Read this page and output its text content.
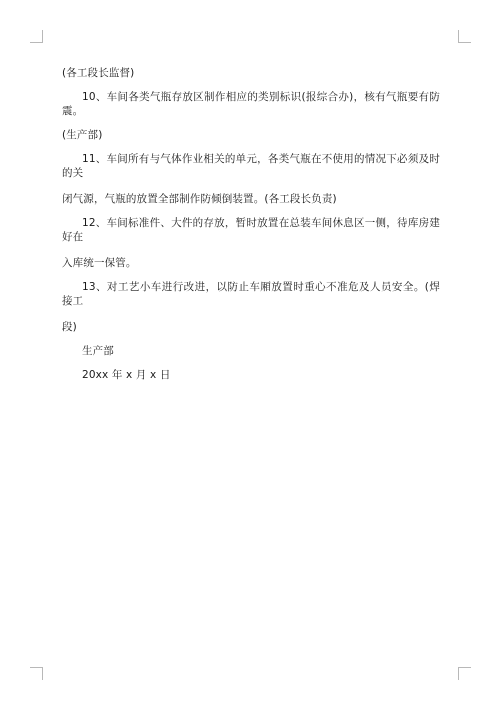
(各工段长监督)

10、车间各类气瓶存放区制作相应的类别标识(报综合办)，核有气瓶要有防震。

(生产部)

11、车间所有与气体作业相关的单元，各类气瓶在不使用的情况下必须及时的关
闭气源，气瓶的放置全部制作防倾倒装置。(各工段长负责)

12、车间标准件、大件的存放，暂时放置在总装车间休息区一侧，待库房建好在
入库统一保管。

13、对工艺小车进行改进，以防止车厢放置时重心不准危及人员安全。(焊接工
段)

生产部

20xx 年 x 月 x 日
